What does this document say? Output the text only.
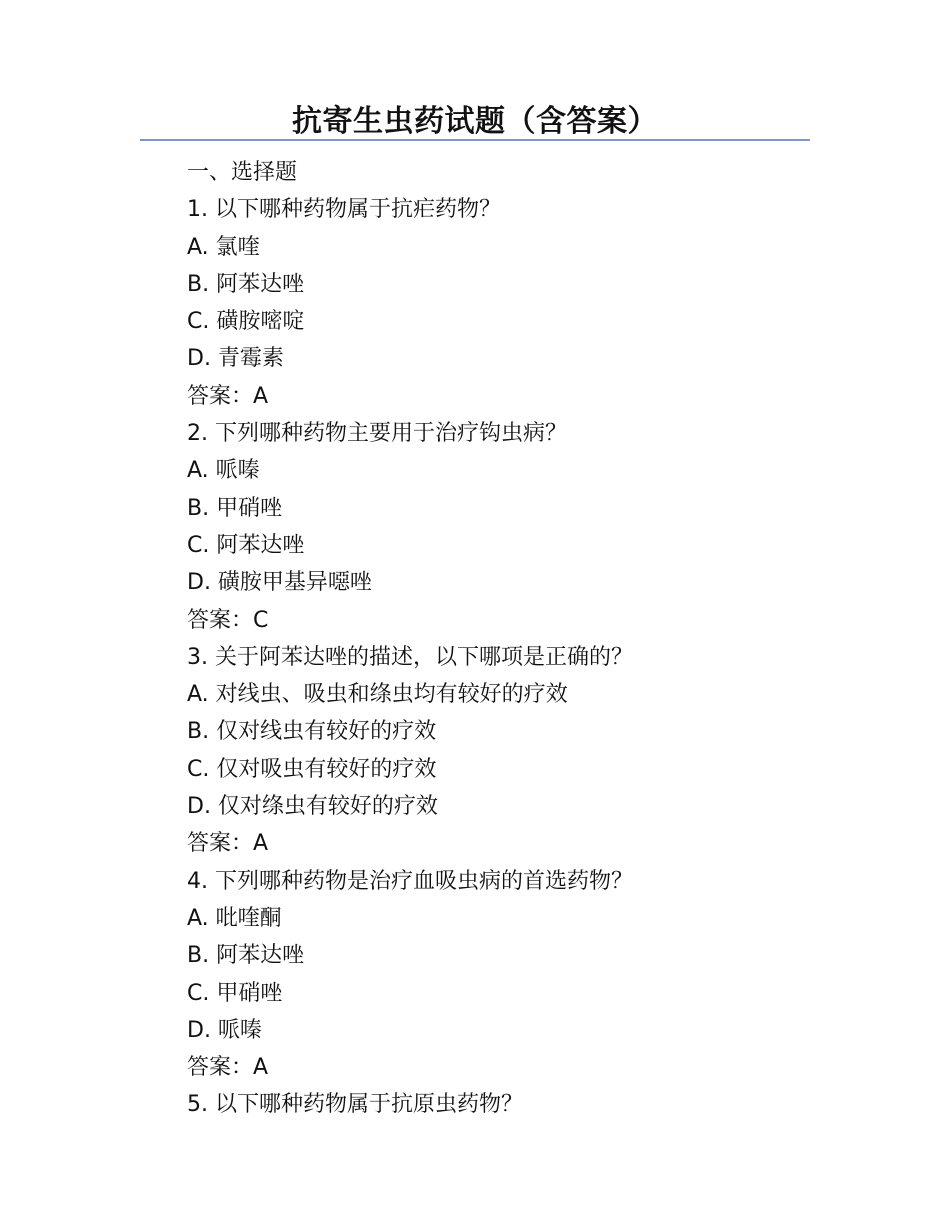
抗寄生虫药试题（含答案）
一、选择题
1. 以下哪种药物属于抗疟药物？
A. 氯喹
B. 阿苯达唑
C. 磺胺嘧啶
D. 青霉素
答案：A
2. 下列哪种药物主要用于治疗钩虫病？
A. 哌嗪
B. 甲硝唑
C. 阿苯达唑
D. 磺胺甲基异噁唑
答案：C
3. 关于阿苯达唑的描述，以下哪项是正确的？
A. 对线虫、吸虫和绦虫均有较好的疗效
B. 仅对线虫有较好的疗效
C. 仅对吸虫有较好的疗效
D. 仅对绦虫有较好的疗效
答案：A
4. 下列哪种药物是治疗血吸虫病的首选药物？
A. 吡喹酮
B. 阿苯达唑
C. 甲硝唑
D. 哌嗪
答案：A
5. 以下哪种药物属于抗原虫药物？
